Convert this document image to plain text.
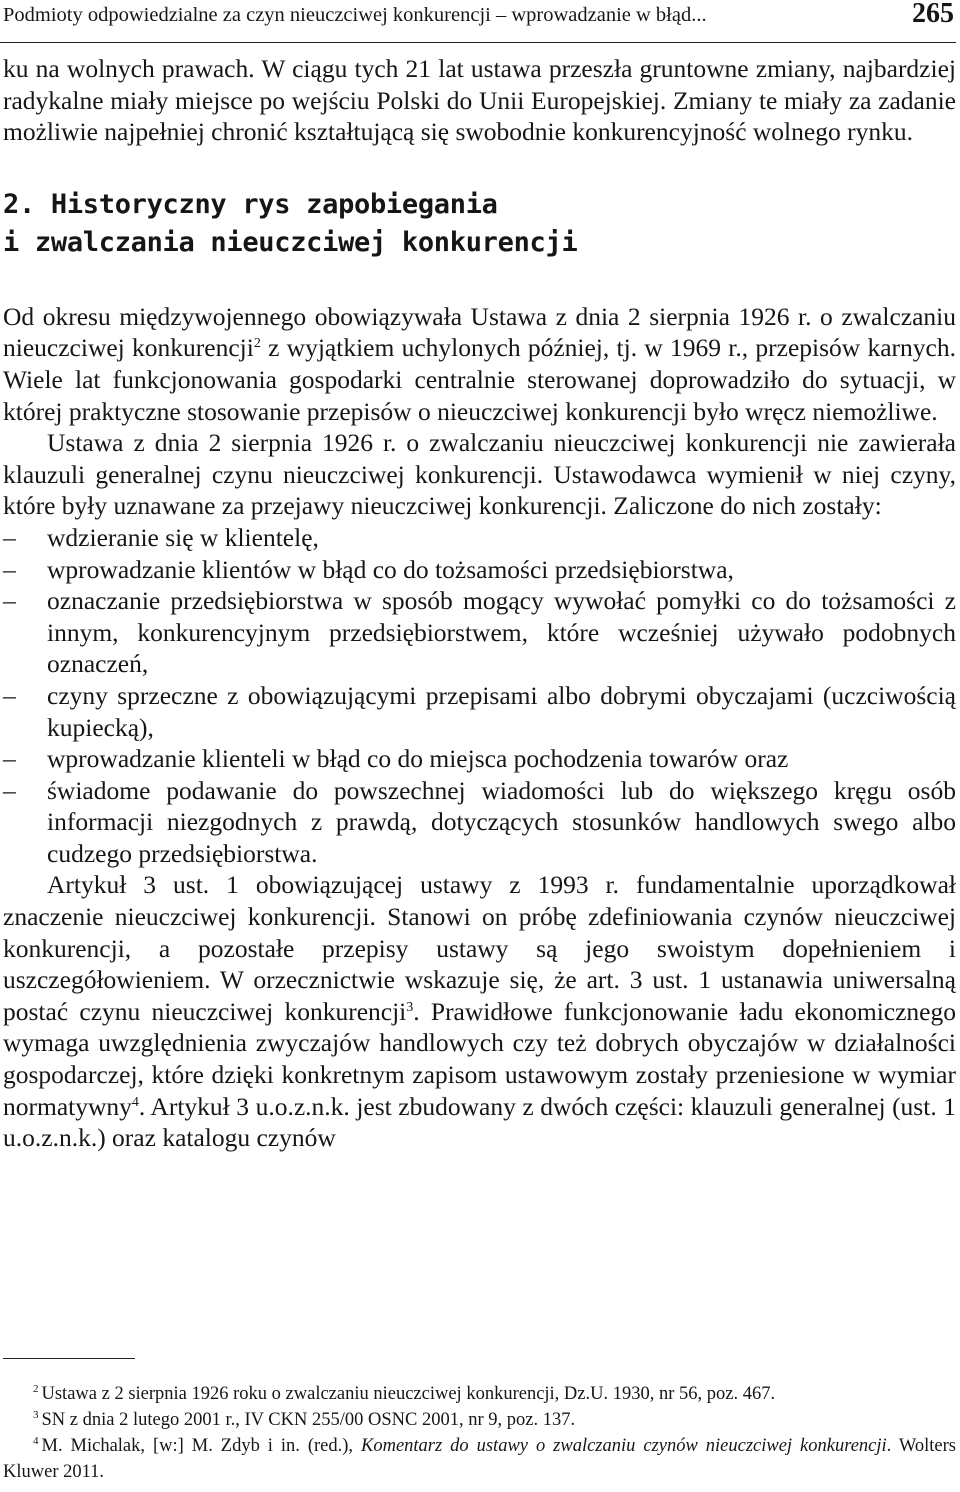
Podmioty odpowiedzialne za czyn nieuczciwej konkurencji – wprowadzanie w błąd...	265

ku na wolnych prawach. W ciągu tych 21 lat ustawa przeszła gruntowne zmiany, najbardziej radykalne miały miejsce po wejściu Polski do Unii Europejskiej. Zmiany te miały za zadanie możliwie najpełniej chronić kształtującą się swobodnie konkurencyjność wolnego rynku.

2. Historyczny rys zapobiegania
i zwalczania nieuczciwej konkurencji

Od okresu międzywojennego obowiązywała Ustawa z dnia 2 sierpnia 1926 r. o zwalczaniu nieuczciwej konkurencji$^2$ z wyjątkiem uchylonych później, tj. w 1969 r., przepisów karnych. Wiele lat funkcjonowania gospodarki centralnie sterowanej doprowadziło do sytuacji, w której praktyczne stosowanie przepisów o nieuczciwej konkurencji było wręcz niemożliwe.

Ustawa z dnia 2 sierpnia 1926 r. o zwalczaniu nieuczciwej konkurencji nie zawierała klauzuli generalnej czynu nieuczciwej konkurencji. Ustawodawca wymienił w niej czyny, które były uznawane za przejawy nieuczciwej konkurencji. Zaliczone do nich zostały:

– wdzieranie się w klientelę,
– wprowadzanie klientów w błąd co do tożsamości przedsiębiorstwa,
– oznaczanie przedsiębiorstwa w sposób mogący wywołać pomyłki co do tożsamości z innym, konkurencyjnym przedsiębiorstwem, które wcześniej używało podobnych oznaczeń,
– czyny sprzeczne z obowiązującymi przepisami albo dobrymi obyczajami (uczciwością kupiecką),
– wprowadzanie klienteli w błąd co do miejsca pochodzenia towarów oraz
– świadome podawanie do powszechnej wiadomości lub do większego kręgu osób informacji niezgodnych z prawdą, dotyczących stosunków handlowych swego albo cudzego przedsiębiorstwa.

Artykuł 3 ust. 1 obowiązującej ustawy z 1993 r. fundamentalnie uporządkował znaczenie nieuczciwej konkurencji. Stanowi on próbę zdefiniowania czynów nieuczciwej konkurencji, a pozostałe przepisy ustawy są jego swoistym dopełnieniem i uszczegółowieniem. W orzecznictwie wskazuje się, że art. 3 ust. 1 ustanawia uniwersalną postać czynu nieuczciwej konkurencji$^3$. Prawidłowe funkcjonowanie ładu ekonomicznego wymaga uwzględnienia zwyczajów handlowych czy też dobrych obyczajów w działalności gospodarczej, które dzięki konkretnym zapisom ustawowym zostały przeniesione w wymiar normatywny$^4$. Artykuł 3 u.o.z.n.k. jest zbudowany z dwóch części: klauzuli generalnej (ust. 1 u.o.z.n.k.) oraz katalogu czynów

$^2$ Ustawa z 2 sierpnia 1926 roku o zwalczaniu nieuczciwej konkurencji, Dz.U. 1930, nr 56, poz. 467.
$^3$ SN z dnia 2 lutego 2001 r., IV CKN 255/00 OSNC 2001, nr 9, poz. 137.
$^4$ M. Michalak, [w:] M. Zdyb i in. (red.), Komentarz do ustawy o zwalczaniu czynów nieuczciwej konkurencji. Wolters Kluwer 2011.
